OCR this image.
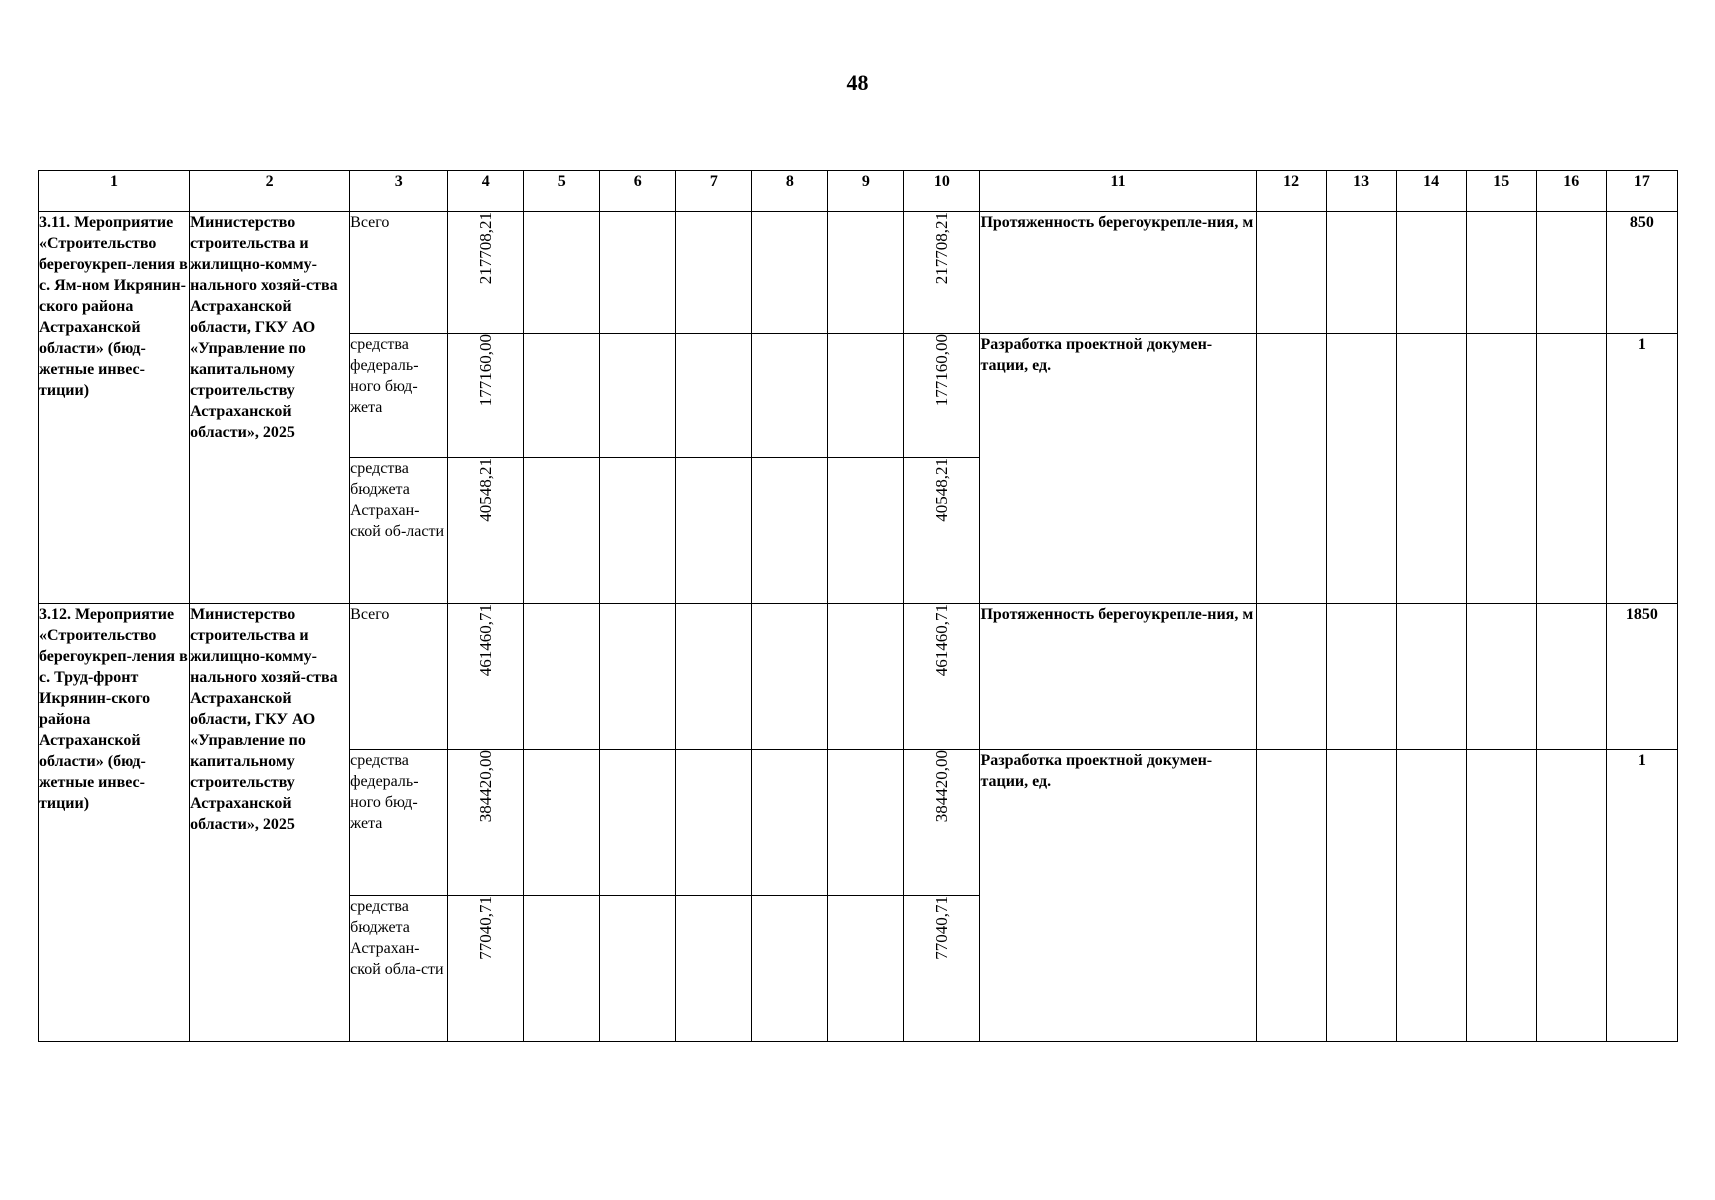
48
1	2	3	4	5	6	7	8	9	10	11	12	13	14	15	16	17
3.11. Мероприятие «Строительство берегоукреп-ления в с. Ям-ном Икрянин-ского района Астраханской области» (бюд-жетные инвес-тиции)	Министерство строительства и жилищно-комму-нального хозяй-ства Астраханской области, ГКУ АО «Управление по капитальному строительству Астраханской области», 2025	Всего	217708,21						217708,21	Протяженность берегоукрепле-ния, м						850
		средства федераль-ного бюд-жета	177160,00						177160,00	Разработка проектной докумен-тации, ед.						1
		средства бюджета Астрахан-ской об-ласти	40548,21						40548,21							
3.12. Мероприятие «Строительство берегоукреп-ления в с. Труд-фронт Икрянин-ского района Астраханской области» (бюд-жетные инвес-тиции)	Министерство строительства и жилищно-комму-нального хозяй-ства Астраханской области, ГКУ АО «Управление по капитальному строительству Астраханской области», 2025	Всего	461460,71						461460,71	Протяженность берегоукрепле-ния, м						1850
		средства федераль-ного бюд-жета	384420,00						384420,00	Разработка проектной докумен-тации, ед.						1
		средства бюджета Астрахан-ской обла-сти	77040,71						77040,71							
